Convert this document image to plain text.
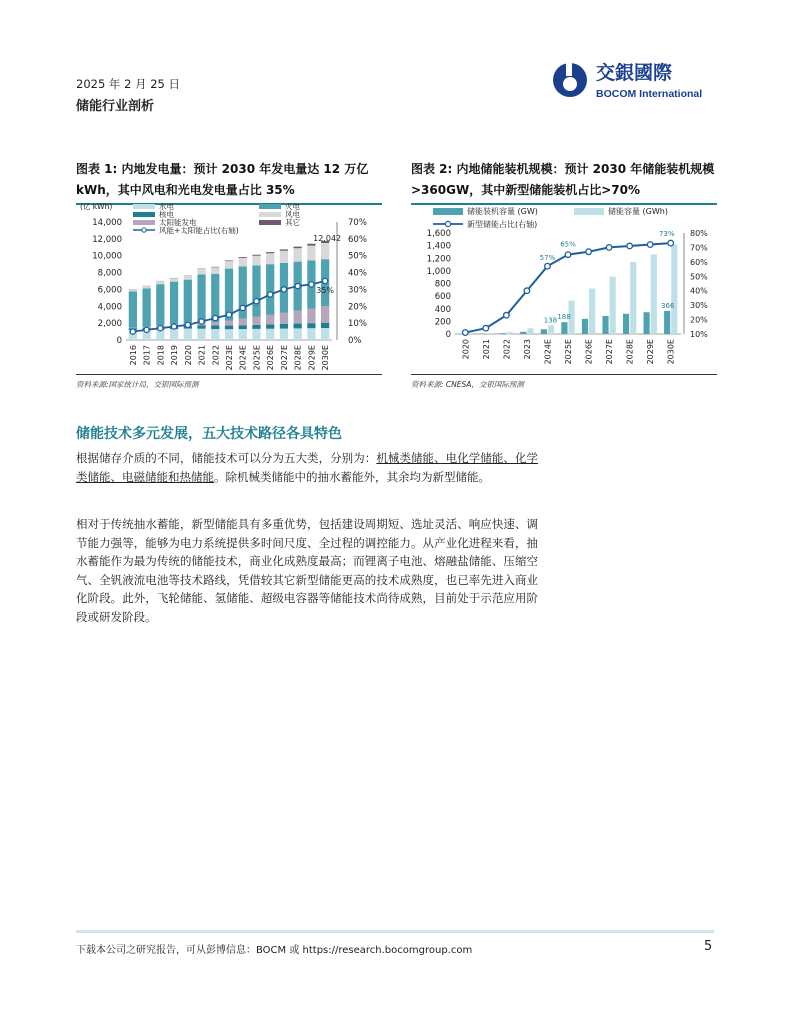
2025 年 2 月 25 日
储能行业剖析
交銀國際
BOCOM International
图表 1: 内地发电量：预计 2030 年发电量达 12 万亿 kWh，其中风电和光电发电量占比 35%
图表 2: 内地储能装机规模：预计 2030 年储能装机规模>360GW，其中新型储能装机占比>70%
(亿 kWh)	水电	火电
核电	风电
太阳能发电	其它
风能+太阳能占比(右轴)
0
2,000
4,000
6,000
8,000
10,000
12,000
14,000
0%
10%
20%
30%
40%
50%
60%
70%
2016 2017 2018 2019 2020 2021 2022 2023E 2024E 2025E 2026E 2027E 2028E 2029E 2030E
12,042
35%
储能装机容量 (GW)	储能容量 (GWh)
新型储能占比(右轴)
0
200
400
600
800
1,000
1,200
1,400
1,600
10%
20%
30%
40%
50%
60%
70%
80%
2020 2021 2022 2023 2024E 2025E 2026E 2027E 2028E 2029E 2030E
138 188
366
57%
65%
73%
资料来源:国家统计局，交银国际预测	资料来源: CNESA，交银国际预测
储能技术多元发展，五大技术路径各具特色

根据储存介质的不同，储能技术可以分为五大类，分别为：机械类储能、电化学储能、化学类储能、电磁储能和热储能。除机械类储能中的抽水蓄能外，其余均为新型储能。

相对于传统抽水蓄能，新型储能具有多重优势，包括建设周期短、选址灵活、响应快速、调节能力强等，能够为电力系统提供多时间尺度、全过程的调控能力。从产业化进程来看，抽水蓄能作为最为传统的储能技术，商业化成熟度最高；而锂离子电池、熔融盐储能、压缩空气、全钒液流电池等技术路线，凭借较其它新型储能更高的技术成熟度，也已率先进入商业化阶段。此外，飞轮储能、氢储能、超级电容器等储能技术尚待成熟，目前处于示范应用阶段或研发阶段。

下载本公司之研究报告，可从彭博信息：BOCM 或 https://research.bocomgroup.com	5
